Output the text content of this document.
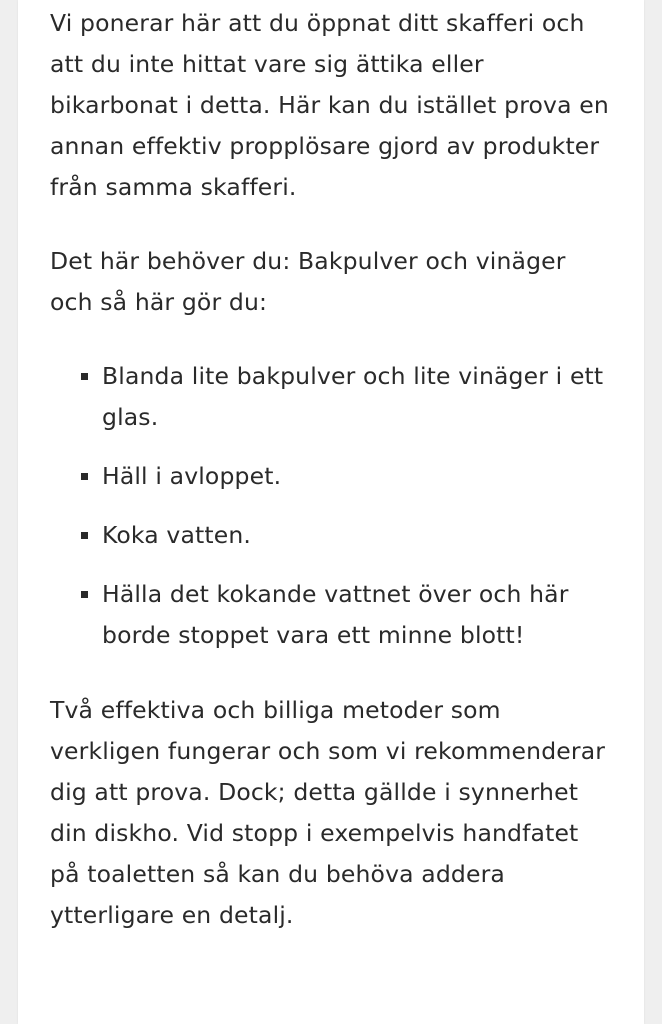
Vi ponerar här att du öppnat ditt skafferi och att du inte hittat vare sig ättika eller bikarbonat i detta. Här kan du istället prova en annan effektiv propplösare gjord av produkter från samma skafferi.

Det här behöver du: Bakpulver och vinäger och så här gör du:

Blanda lite bakpulver och lite vinäger i ett glas.
Häll i avloppet.
Koka vatten.
Hälla det kokande vattnet över och här borde stoppet vara ett minne blott!

Två effektiva och billiga metoder som verkligen fungerar och som vi rekommenderar dig att prova. Dock; detta gällde i synnerhet din diskho. Vid stopp i exempelvis handfatet på toaletten så kan du behöva addera ytterligare en detalj.
